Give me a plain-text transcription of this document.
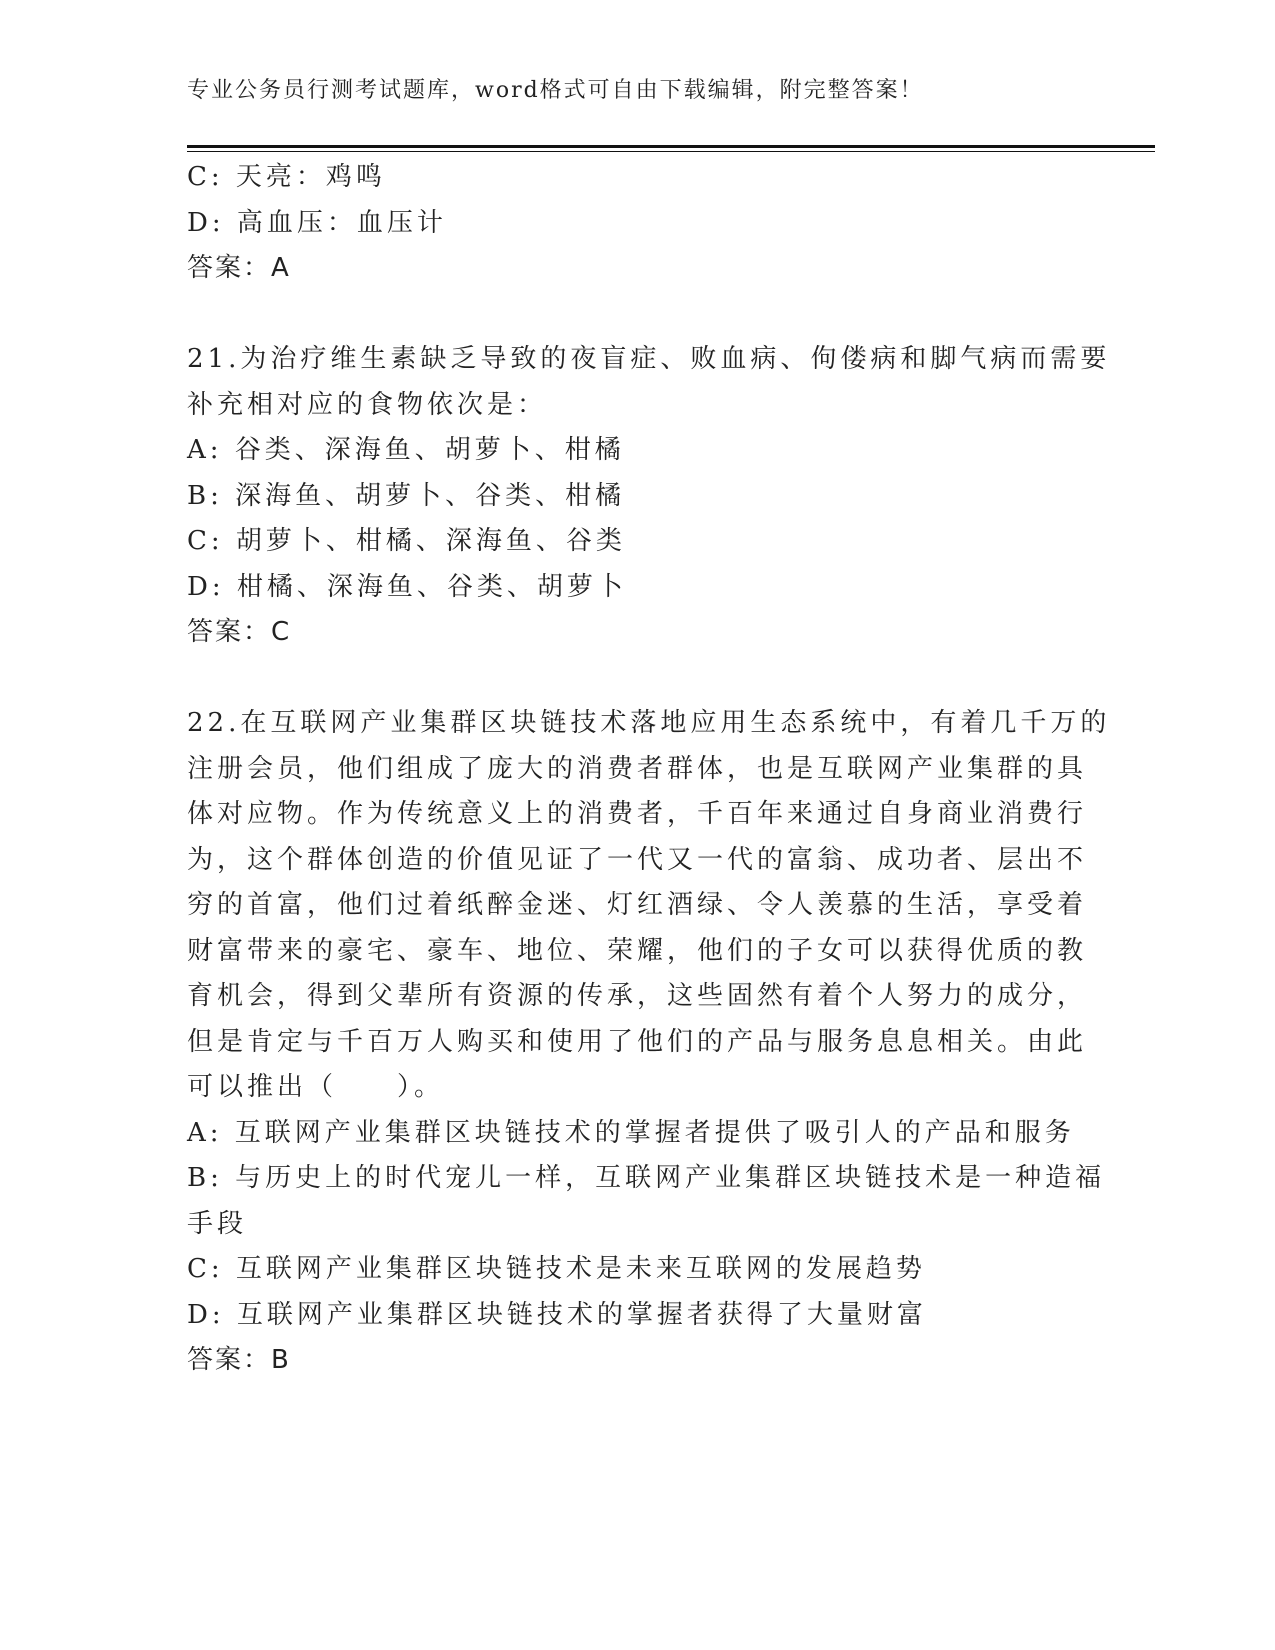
专业公务员行测考试题库，word格式可自由下载编辑，附完整答案！
C: 天亮：鸡鸣
D: 高血压：血压计
答案：A
21.为治疗维生素缺乏导致的夜盲症、败血病、佝偻病和脚气病而需要
补充相对应的食物依次是：
A: 谷类、深海鱼、胡萝卜、柑橘
B: 深海鱼、胡萝卜、谷类、柑橘
C: 胡萝卜、柑橘、深海鱼、谷类
D: 柑橘、深海鱼、谷类、胡萝卜
答案：C
22.在互联网产业集群区块链技术落地应用生态系统中，有着几千万的
注册会员，他们组成了庞大的消费者群体，也是互联网产业集群的具
体对应物。作为传统意义上的消费者，千百年来通过自身商业消费行
为，这个群体创造的价值见证了一代又一代的富翁、成功者、层出不
穷的首富，他们过着纸醉金迷、灯红酒绿、令人羡慕的生活，享受着
财富带来的豪宅、豪车、地位、荣耀，他们的子女可以获得优质的教
育机会，得到父辈所有资源的传承，这些固然有着个人努力的成分，
但是肯定与千百万人购买和使用了他们的产品与服务息息相关。由此
可以推出（　　）。
A: 互联网产业集群区块链技术的掌握者提供了吸引人的产品和服务
B: 与历史上的时代宠儿一样，互联网产业集群区块链技术是一种造福
手段
C: 互联网产业集群区块链技术是未来互联网的发展趋势
D: 互联网产业集群区块链技术的掌握者获得了大量财富
答案：B
